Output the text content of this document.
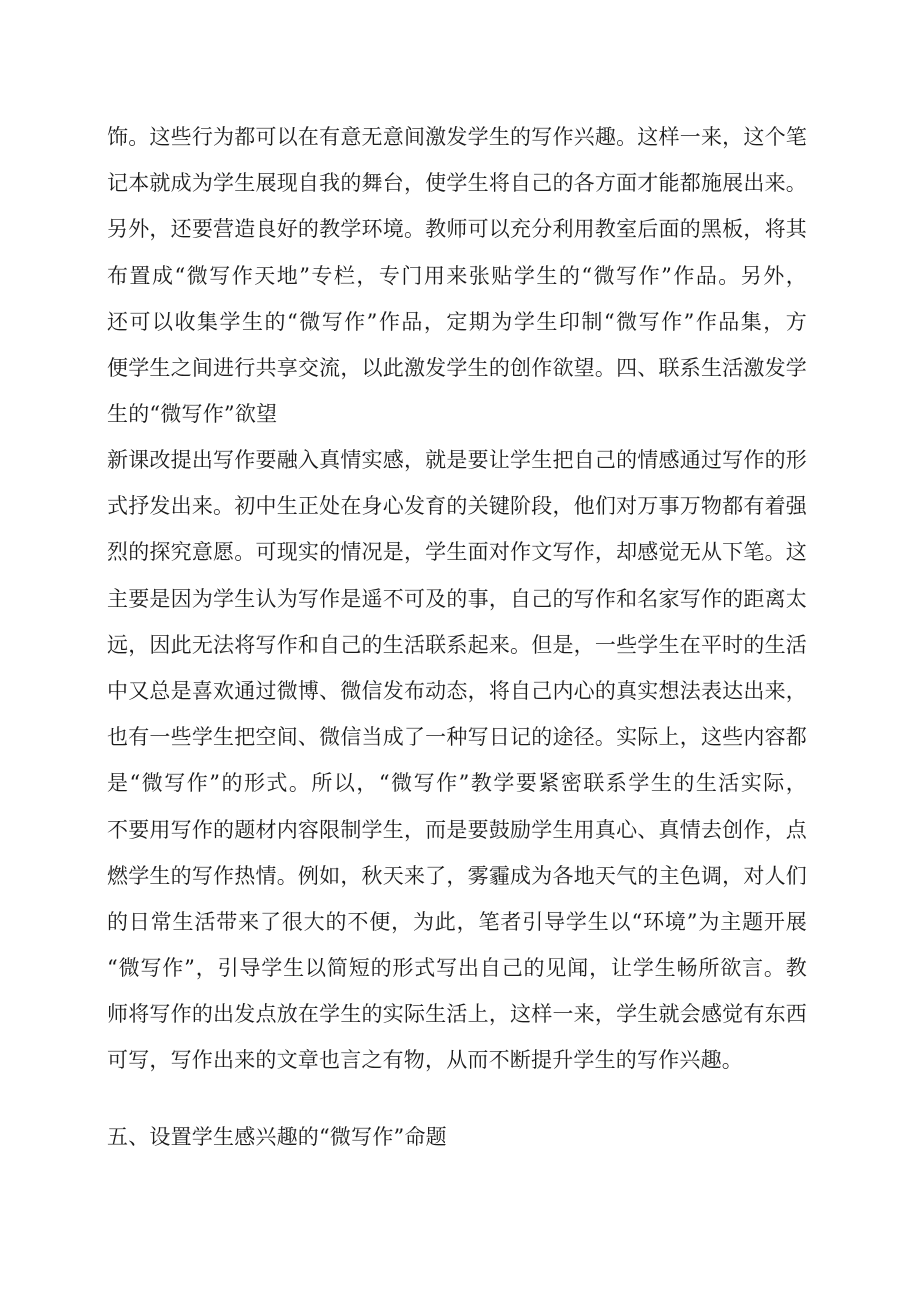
饰。这些行为都可以在有意无意间激发学生的写作兴趣。这样一来，这个笔
记本就成为学生展现自我的舞台，使学生将自己的各方面才能都施展出来。
另外，还要营造良好的教学环境。教师可以充分利用教室后面的黑板，将其
布置成“微写作天地”专栏，专门用来张贴学生的“微写作”作品。另外，
还可以收集学生的“微写作”作品，定期为学生印制“微写作”作品集，方
便学生之间进行共享交流，以此激发学生的创作欲望。四、联系生活激发学
生的“微写作”欲望
新课改提出写作要融入真情实感，就是要让学生把自己的情感通过写作的形
式抒发出来。初中生正处在身心发育的关键阶段，他们对万事万物都有着强
烈的探究意愿。可现实的情况是，学生面对作文写作，却感觉无从下笔。这
主要是因为学生认为写作是遥不可及的事，自己的写作和名家写作的距离太
远，因此无法将写作和自己的生活联系起来。但是，一些学生在平时的生活
中又总是喜欢通过微博、微信发布动态，将自己内心的真实想法表达出来，
也有一些学生把空间、微信当成了一种写日记的途径。实际上，这些内容都
是“微写作”的形式。所以，“微写作”教学要紧密联系学生的生活实际，
不要用写作的题材内容限制学生，而是要鼓励学生用真心、真情去创作，点
燃学生的写作热情。例如，秋天来了，雾霾成为各地天气的主色调，对人们
的日常生活带来了很大的不便，为此，笔者引导学生以“环境”为主题开展
“微写作”，引导学生以简短的形式写出自己的见闻，让学生畅所欲言。教
师将写作的出发点放在学生的实际生活上，这样一来，学生就会感觉有东西
可写，写作出来的文章也言之有物，从而不断提升学生的写作兴趣。
五、设置学生感兴趣的“微写作”命题
